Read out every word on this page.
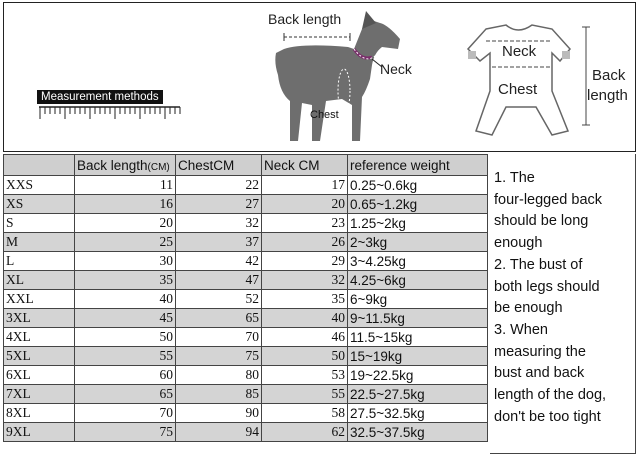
Measurement methods
Back length
Neck
Chest
Neck
Chest
Back
length
	Back length(CM)	ChestCM	Neck CM	reference weight
XXS	11	22	17	0.25~0.6kg
XS	16	27	20	0.65~1.2kg
S	20	32	23	1.25~2kg
M	25	37	26	2~3kg
L	30	42	29	3~4.25kg
XL	35	47	32	4.25~6kg
XXL	40	52	35	6~9kg
3XL	45	65	40	9~11.5kg
4XL	50	70	46	11.5~15kg
5XL	55	75	50	15~19kg
6XL	60	80	53	19~22.5kg
7XL	65	85	55	22.5~27.5kg
8XL	70	90	58	27.5~32.5kg
9XL	75	94	62	32.5~37.5kg

1. The
four-legged back
should be long
enough
2. The bust of
both legs should
be enough
3. When
measuring the
bust and back
length of the dog,
don't be too tight
